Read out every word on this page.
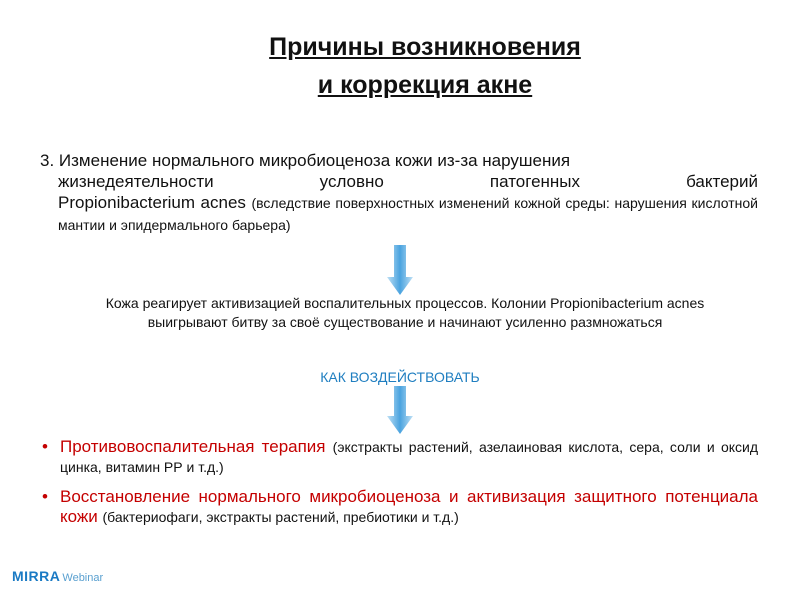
Причины возникновения
и коррекция акне
3. Изменение нормального микробиоценоза кожи из-за нарушения
жизнедеятельности условно патогенных бактерий
Propionibacterium acnes (вследствие поверхностных изменений кожной среды: нарушения кислотной мантии и эпидермального барьера)
Кожа реагирует активизацией воспалительных процессов. Колонии Propionibacterium acnes выигрывают битву за своё существование и начинают усиленно размножаться
КАК ВОЗДЕЙСТВОВАТЬ
• Противовоспалительная терапия (экстракты растений, азелаиновая кислота, сера, соли и оксид цинка, витамин РР и т.д.)
• Восстановление нормального микробиоценоза и активизация защитного потенциала кожи (бактериофаги, экстракты растений, пребиотики и т.д.)
MIRRA Webinar
